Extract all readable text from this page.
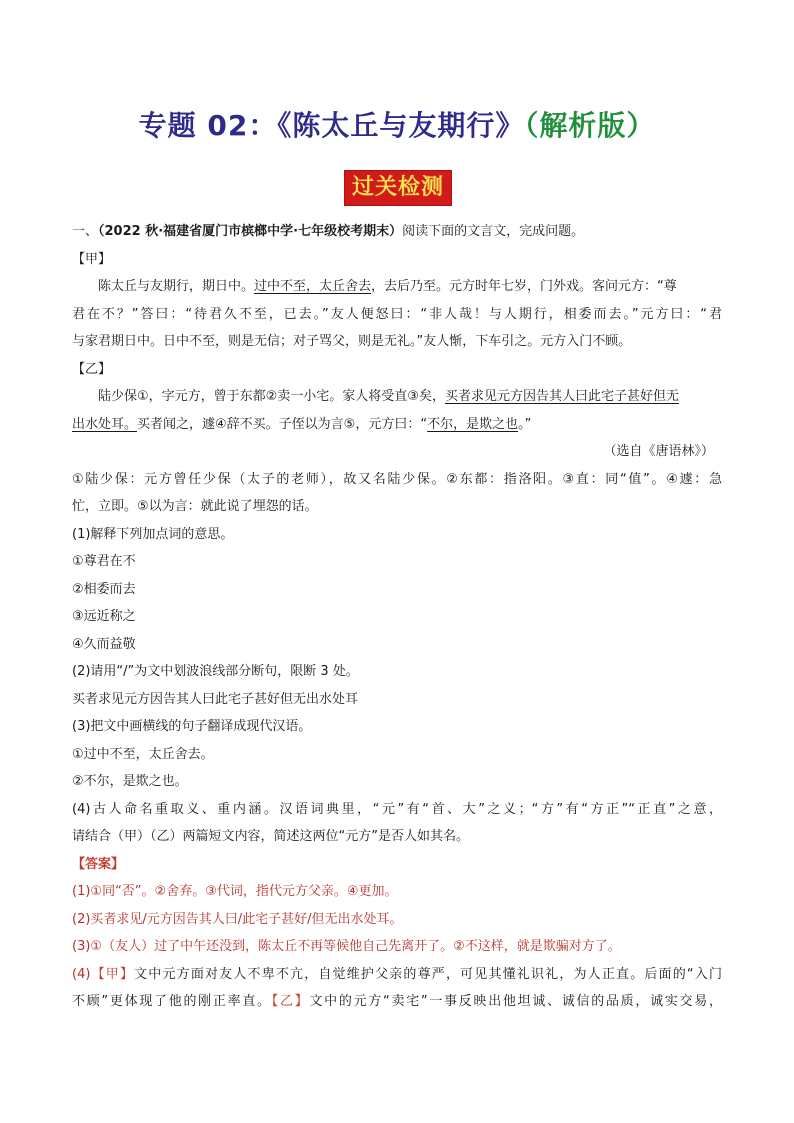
专题 02：《陈太丘与友期行》（解析版）
过关检测
一、（2022 秋·福建省厦门市槟榔中学·七年级校考期末）阅读下面的文言文，完成问题。
【甲】
陈太丘与友期行，期日中。过中不至，太丘舍去，去后乃至。元方时年七岁，门外戏。客问元方：“尊
君在不？”答曰：“待君久不至，已去。”友人便怒曰：“非人哉！与人期行，相委而去。”元方曰：“君
与家君期日中。日中不至，则是无信；对子骂父，则是无礼。”友人惭，下车引之。元方入门不顾。
【乙】
陆少保①，字元方，曾于东都②卖一小宅。家人将受直③矣，买者求见元方因告其人曰此宅子甚好但无
出水处耳。买者闻之，遽④辞不买。子侄以为言⑤，元方曰：“不尔，是欺之也。”
（选自《唐语林》）
①陆少保：元方曾任少保（太子的老师），故又名陆少保。②东都：指洛阳。③直：同“值”。④遽：急
忙，立即。⑤以为言：就此说了埋怨的话。
(1)解释下列加点词的意思。
①尊君在不
②相委而去
③远近称之
④久而益敬
(2)请用“/”为文中划波浪线部分断句，限断 3 处。
买者求见元方因告其人曰此宅子甚好但无出水处耳
(3)把文中画横线的句子翻译成现代汉语。
①过中不至，太丘舍去。
②不尔，是欺之也。
(4)古人命名重取义、重内涵。汉语词典里，“元”有“首、大”之义；“方”有“方正”“正直”之意，
请结合（甲）（乙）两篇短文内容，简述这两位“元方”是否人如其名。
【答案】
(1)①同“否”。②舍弃。③代词，指代元方父亲。④更加。
(2)买者求见/元方因告其人曰/此宅子甚好/但无出水处耳。
(3)①（友人）过了中午还没到，陈太丘不再等候他自己先离开了。②不这样，就是欺骗对方了。
(4)【甲】文中元方面对友人不卑不亢，自觉维护父亲的尊严，可见其懂礼识礼，为人正直。后面的“入门
不顾”更体现了他的刚正率直。【乙】文中的元方“卖宅”一事反映出他坦诚、诚信的品质，诚实交易，
